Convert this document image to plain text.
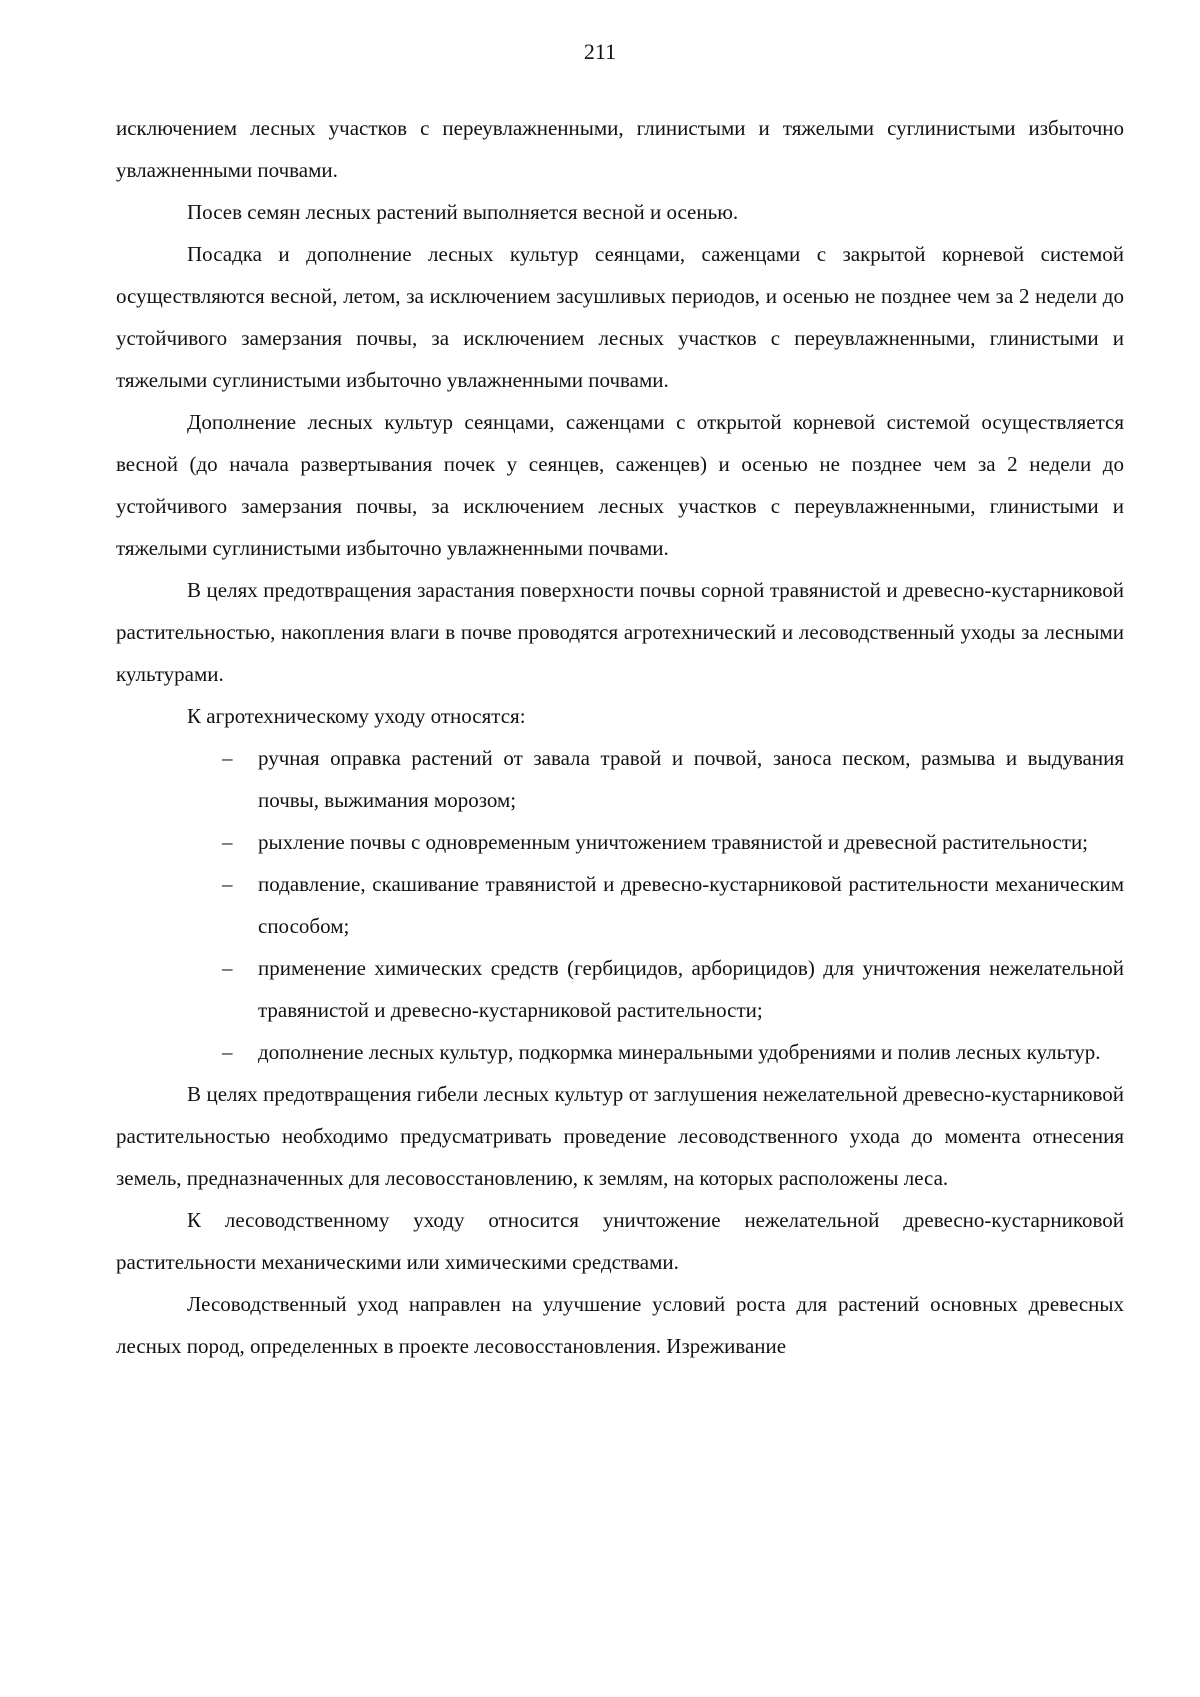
211

исключением лесных участков с переувлажненными, глинистыми и тяжелыми суглинистыми избыточно увлажненными почвами.

Посев семян лесных растений выполняется весной и осенью.

Посадка и дополнение лесных культур сеянцами, саженцами с закрытой корневой системой осуществляются весной, летом, за исключением засушливых периодов, и осенью не позднее чем за 2 недели до устойчивого замерзания почвы, за исключением лесных участков с переувлажненными, глинистыми и тяжелыми суглинистыми избыточно увлажненными почвами.

Дополнение лесных культур сеянцами, саженцами с открытой корневой системой осуществляется весной (до начала развертывания почек у сеянцев, саженцев) и осенью не позднее чем за 2 недели до устойчивого замерзания почвы, за исключением лесных участков с переувлажненными, глинистыми и тяжелыми суглинистыми избыточно увлажненными почвами.

В целях предотвращения зарастания поверхности почвы сорной травянистой и древесно-кустарниковой растительностью, накопления влаги в почве проводятся агротехнический и лесоводственный уходы за лесными культурами.

К агротехническому уходу относятся:

– ручная оправка растений от завала травой и почвой, заноса песком, размыва и выдувания почвы, выжимания морозом;
– рыхление почвы с одновременным уничтожением травянистой и древесной растительности;
– подавление, скашивание травянистой и древесно-кустарниковой растительности механическим способом;
– применение химических средств (гербицидов, арборицидов) для уничтожения нежелательной травянистой и древесно-кустарниковой растительности;
– дополнение лесных культур, подкормка минеральными удобрениями и полив лесных культур.

В целях предотвращения гибели лесных культур от заглушения нежелательной древесно-кустарниковой растительностью необходимо предусматривать проведение лесоводственного ухода до момента отнесения земель, предназначенных для лесовосстановлению, к землям, на которых расположены леса.

К лесоводственному уходу относится уничтожение нежелательной древесно-кустарниковой растительности механическими или химическими средствами.

Лесоводственный уход направлен на улучшение условий роста для растений основных древесных лесных пород, определенных в проекте лесовосстановления. Изреживание
